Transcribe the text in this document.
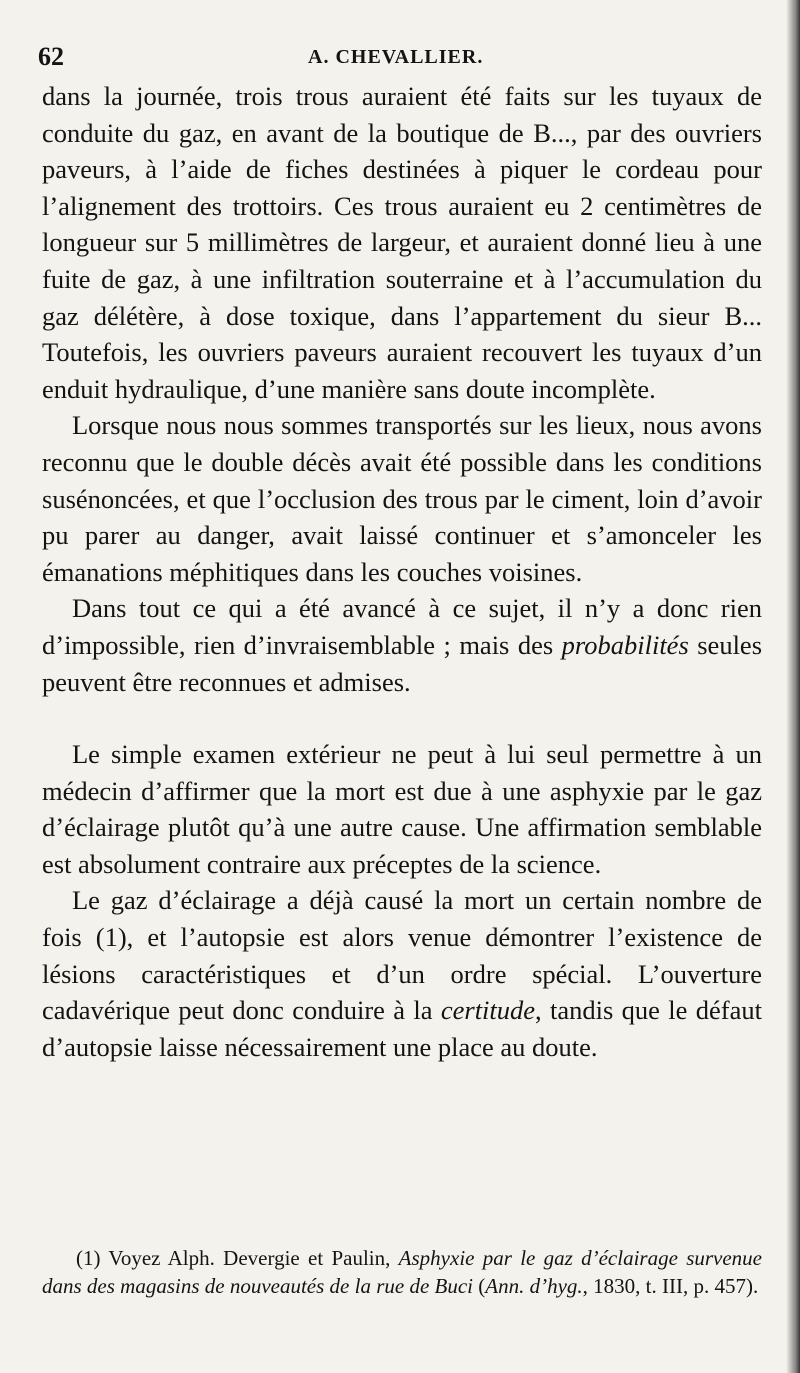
62	A. CHEVALLIER.

dans la journée, trois trous auraient été faits sur les tuyaux de conduite du gaz, en avant de la boutique de B..., par des ouvriers paveurs, à l’aide de fiches destinées à piquer le cordeau pour l’alignement des trottoirs. Ces trous auraient eu 2 centimètres de longueur sur 5 millimètres de largeur, et auraient donné lieu à une fuite de gaz, à une infiltration souterraine et à l’accumulation du gaz délétère, à dose toxique, dans l’appartement du sieur B... Toutefois, les ouvriers paveurs auraient recouvert les tuyaux d’un enduit hydraulique, d’une manière sans doute incomplète.

Lorsque nous nous sommes transportés sur les lieux, nous avons reconnu que le double décès avait été possible dans les conditions susénoncées, et que l’occlusion des trous par le ciment, loin d’avoir pu parer au danger, avait laissé continuer et s’amonceler les émanations méphitiques dans les couches voisines.

Dans tout ce qui a été avancé à ce sujet, il n’y a donc rien d’impossible, rien d’invraisemblable ; mais des probabilités seules peuvent être reconnues et admises.

Le simple examen extérieur ne peut à lui seul permettre à un médecin d’affirmer que la mort est due à une asphyxie par le gaz d’éclairage plutôt qu’à une autre cause. Une affirmation semblable est absolument contraire aux préceptes de la science.

Le gaz d’éclairage a déjà causé la mort un certain nombre de fois (1), et l’autopsie est alors venue démontrer l’existence de lésions caractéristiques et d’un ordre spécial. L’ouverture cadavérique peut donc conduire à la certitude, tandis que le défaut d’autopsie laisse nécessairement une place au doute.

(1) Voyez Alph. Devergie et Paulin, Asphyxie par le gaz d’éclairage survenue dans des magasins de nouveautés de la rue de Buci (Ann. d’hyg., 1830, t. III, p. 457).
